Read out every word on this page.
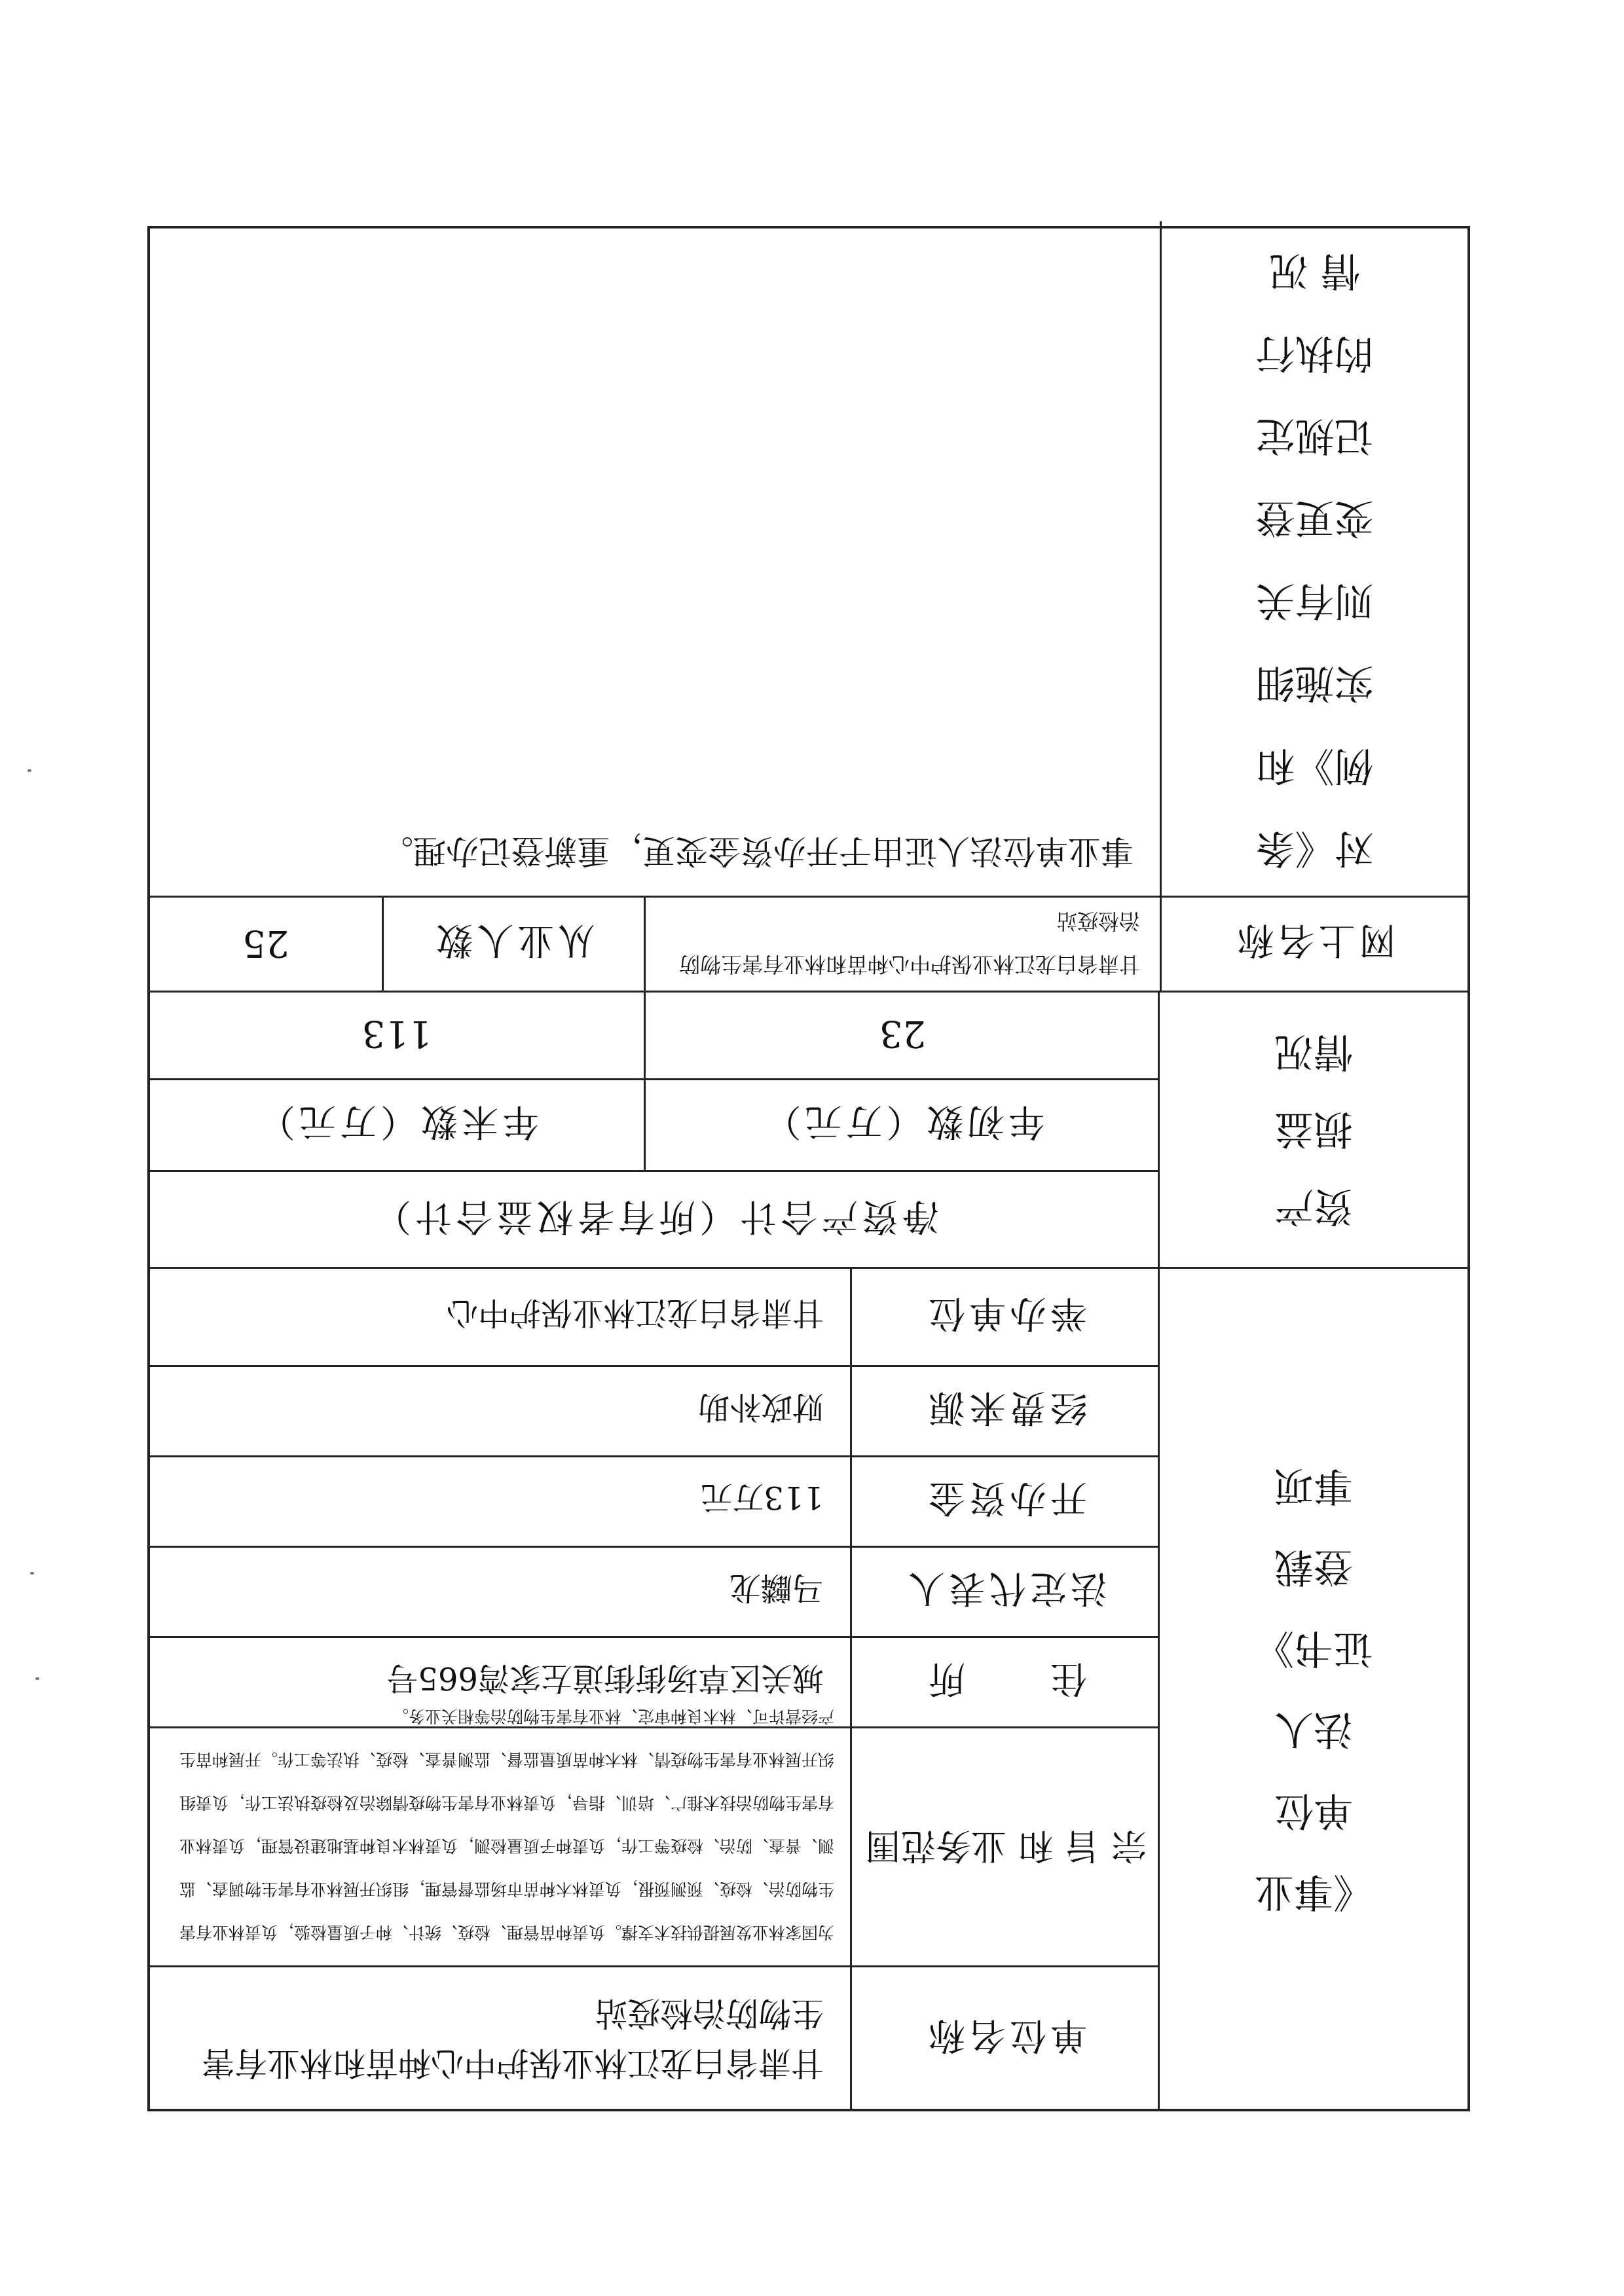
《事业
单位
法人
证书》
登载
事项
单位名称
甘肃省白龙江林业保护中心种苗和林业有害生物防治检疫站
宗 旨 和 业务范围
为国家林业发展提供技术支撑。负责种苗管理、检疫、统计、种子质量检验，负责林业有害生物防治、检疫、预测预报，负责林木种苗市场监督管理，组织开展林业有害生物调查、监测、普查、防治、检疫等工作，负责种子质量检测，负责林木良种基地建设管理，负责林业有害生物防治技术推广、培训、指导，负责林业有害生物疫情除治及检疫执法工作，负责组织开展林业有害生物疫情、林木种苗质量监督、监测普查、检疫、执法等工作。开展种苗生产经营许可、林木良种审定、林业有害生物防治等相关业务。
住　　所
城关区草场街街道左家湾665号
法定代表人
马麟龙
开办资金
113万元
经费来源
财政补助
举办单位
甘肃省白龙江林业保护中心
资产
损益
情况
净资产合计（所有者权益合计）
年初数（万元）
年末数（万元）
23
113
网上名称
甘肃省白龙江林业保护中心种苗和林业有害生物防治检疫站
从业人数
25
对《条
例》和
实施细
则有关
变更登
记规定
的执行
情 况
事业单位法人证由于开办资金变更，重新登记办理。
